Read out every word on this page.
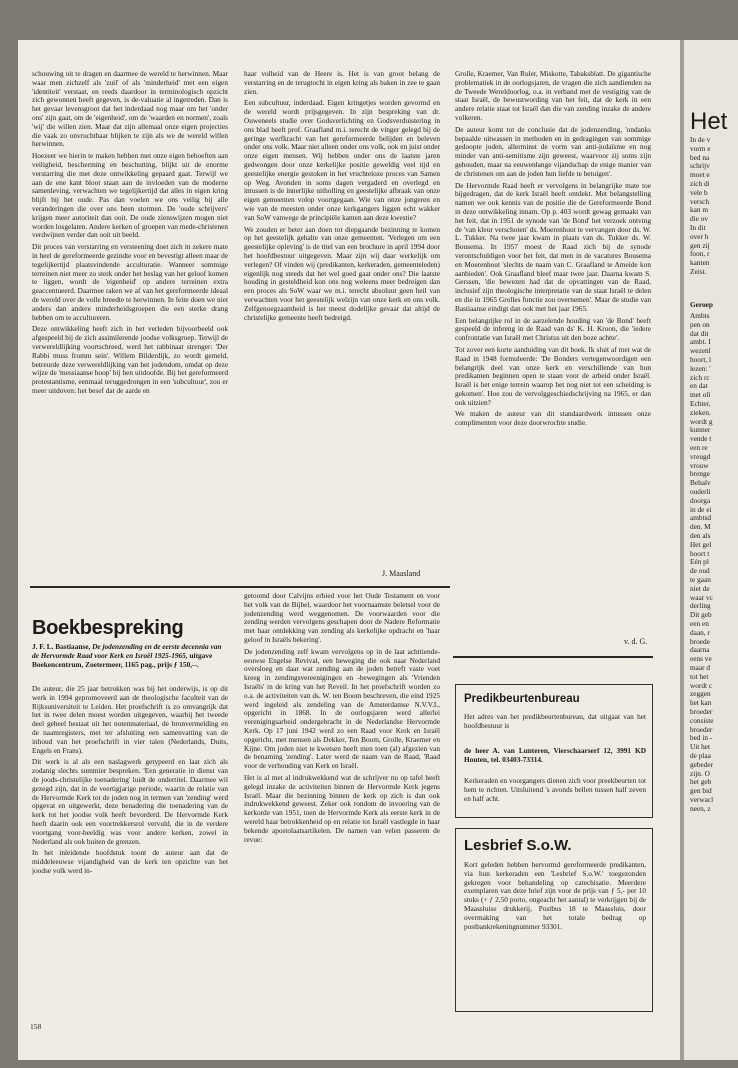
schouwing uit te dragen en daarmee de wereld te herwinnen. Maar waar men zichzelf als 'zuil' of als 'minderheid' met een eigen 'identiteit' verstaat, en reeds daardoor in terminologisch opzicht zich gewonnen heeft gegeven, is de-valuatie al ingetreden. Dan is het gevaar levensgroot dat het inderdaad nog maar om het 'onder ons' zijn gaat, om de 'eigenheid', om de 'waarden en normen', zoals 'wij' die willen zien. Maar dat zijn allemaal onze eigen projecties die vaak zo onvruchtbaar blijken te zijn als we de wereld willen herwinnen.

Hoezeer we hierin te maken hebben met onze eigen behoeften aan veiligheid, bescherming en beschutting, blijkt uit de enorme verstarring die met deze ontwikkeling gepaard gaat. Terwijl we aan de ene kant bloot staan aan de invloeden van de moderne samenleving, verwachten we tegelijkertijd dat alles in eigen kring blijft bij het oude. Pas dan voelen we ons veilig bij alle veranderingen die over ons heen stormen. De 'oude schrijvers' krijgen meer autoriteit dan ooit. De oude zienswijzen mogen niet worden losgelaten. Andere kerken of groepen van mede-christenen verdwijnen verder dan ooit uit beeld.

Dit proces van verstarring en versteening doet zich in zekere mate in heel de gereformeerde gezindte voor en bevestigt alleen maar de tegelijkertijd plaatsvindende acculturatie. Wanneer sommige terreinen niet meer zo sterk onder het beslag van het geloof komen te liggen, wordt de 'eigenheid' op andere terreinen extra geaccentueerd. Daarmee raken we af van het gereformeerde ideaal de wereld over de volle breedte te herwinnen. In feite doen we niet anders dan andere minderheidsgroepen die een sterke drang hebben om te accultureren.

Deze ontwikkeling heeft zich in het verleden bijvoorbeeld ook afgespeeld bij de zich assimilerende joodse volksgroep. Terwijl de verwereldlijking voortschreed, werd het rabbinaat strenger: 'Der Rabbi muss fromm sein'. Willem Bilderdijk, zo wordt gemeld, betreurde deze verwereldlijking van het jodendom, omdat op deze wijze de 'messiaanse hoop' bij hen uitdoofde. Bij het gereformeerd protestantisme, eenmaal teruggedrongen in een 'subcultuur', zou er meer uitdoven: het besef dat de aarde en

haar volheid van de Heere is. Het is van groot belang de verstarring en de terugtocht in eigen kring als baken in zee te gaan zien.

Een subcultuur, inderdaad. Eigen kringetjes worden gevormd en de wereld wordt prijsgegeven. In zijn bespreking van dr. Ouweneels studie over Godsverlichting en Godsverduistering in ons blad heeft prof. Graafland m.i. terecht de vinger gelegd bij de geringe werfkracht van het gereformeerde belijden en beleven onder ons volk. Maar niet alleen onder ons volk, ook en juist onder onze eigen mensen. Wij hebben onder ons de laatste jaren gedwongen door onze kerkelijke positie geweldig veel tijd en geestelijke energie gestoken in het vruchteloze proces van Samen op Weg. Avonden in soms dagen vergaderd en overlegd en intussen is de innerlijke uitholling en geestelijke afbraak van onze eigen gemeenten volop voortgegaan. Wie van onze jongeren en wie van de meesten onder onze kerkgangers liggen echt wakker van SoW vanwege de principiële kanten aan deze kwestie?

We zouden er beter aan doen tot diepgaande bezinning te komen op het geestelijk gehalte van onze gemeenten. 'Verlegen om een geestelijke opleving' is de titel van een brochure in april 1994 door het hoofdbestuur uitgegeven. Maar zijn wij daar werkelijk om verlegen? Of vinden wij (predikanten, kerkeraden, gemeenteleden) eigenlijk nog steeds dat het wel goed gaat onder ons? Die laatste houding in gesteldheid kon ons nog weleens meer bedreigen dan een proces als SoW waar we m.i. terecht absoluut geen heil van verwachten voor het geestelijk welzijn van onze kerk en ons volk. Zelfgenoegzaamheid is het meest dodelijke gevaar dat altijd de christelijke gemeente heeft bedreigd.

J. Maasland

Grolle, Kraemer, Van Ruler, Miskotte, Tabaksblatt. De gigantische problematiek in de oorlogsjaren, de vragen die zich aandienden na de Tweede Wereldoorlog, o.a. in verband met de vestiging van de staat Israël, de bewustwording van het feit, dat de kerk in een andere relatie staat tot Israël dan die van zending inzake de andere volkeren.

De auteur komt tot de conclusie dat de jodenzending, 'ondanks bepaalde uitwassen in methoden en in gedragingen van sommige gedoopte joden, allerminst de vorm van anti-judaïsme en nog minder van anti-semitisme zijn geweest, waarvoor zij soms zijn gehouden, maar na eeuwenlange vijandschap de enige manier van de christenen om aan de joden hun liefde te betuigen'.

De Hervormde Raad heeft er vervolgens in belangrijke mate toe bijgedragen, dat de kerk Israël heeft ontdekt. Met belangstelling namen we ook kennis van de positie die de Gereformeerde Bond in deze ontwikkeling innam. Op p. 403 wordt gewag gemaakt van het feit, dat in 1951 de synode van 'de Bond' het verzoek ontving de 'van kleur verschoten' ds. Moerenhout te vervangen door ds. W. L. Tukker. Na twee jaar kwam in plaats van ds. Tukker ds. W. Bousema. In 1957 moest de Raad zich bij de synode verontschuldigen voor het feit, dat men in de vacatures Bousema en Moerenhout 'slechts de naam van C. Graafland te Ameide kon aanbieden'. Ook Graafland bleef maar twee jaar. Daarna kwam S. Gerssen, 'die bewezen had dat de opvattingen van de Raad, inclusief zijn theologische interpretatie van de staat Israël te delen en die in 1965 Grolles functie zou overnemen'. Maar de studie van Bastiaanse eindigt dan ook met het jaar 1965.

Een belangrijke rol in de aarzelende houding van 'de Bond' heeft gespeeld de inbreng in de Raad van ds' K. H. Kroon, die 'iedere confrontatie van Israël met Christus uit den boze achtte'.

Tot zover een korte aanduiding van dit boek. Ik sluit af met wat de Raad in 1948 formuleerde: 'De Bonders vertegenwoordigen een belangrijk deel van onze kerk en verschillende van hun predikanten beginnen open te staan voor de arbeid onder Israël. Israël is het enige terrein waarop het nog niet tot een scheiding is gekomen'. Hoe zou de vervolggeschiedschrijving na 1965, er dan ook uitzien?

We maken de auteur van dit standaardwerk intussen onze complimenten voor deze doorwrochte studie.

v. d. G.
Boekbespreking
J. F. L. Bastiaanse, De jodenzending en de eerste decennia van de Hervormde Raad voor Kerk en Israël 1925-1965, uitgave Boekencentrum, Zoetermeer, 1165 pag., prijs ƒ 150,--.

De auteur, die 25 jaar betrokken was bij het onderwijs, is op dit werk in 1994 gepromoveerd aan de theologische faculteit van de Rijksuniversiteit te Leiden. Het proefschrift is zo omvangrijk dat het in twee delen moest worden uitgegeven, waarbij het tweede deel geheel bestaat uit het notenmateriaal, de bronvermelding en de naamregisters, met ter afsluiting een samenvatting van de inhoud van het proefschrift in vier talen (Nederlands, Duits, Engels en Frans).

Dit werk is al als een naslagwerk getypeerd en laat zich als zodanig slechts summier bespreken. 'Een generatie in dienst van de joods-christelijke toenadering' luidt de ondertitel. Daarmee wil gezegd zijn, dat in de veertigjarige periode, waarin de relatie van de Hervormde Kerk tot de joden nog in termen van 'zending' werd opgevat en uitgewerkt, deze benadering die toenadering van de kerk tot het joodse volk heeft bevorderd. De Hervormde Kerk heeft daarin ook een voortrekkersrol vervuld, die in de verdere voortgang voor-beeldig was voor andere kerken, zowel in Nederland als ook buiten de grenzen.

In het inleidende hoofdstuk toont de auteur aan dat de middeleeuwse vijandigheid van de kerk ten opzichte van het joodse volk werd in-

getoomd door Calvijns erbied voor het Oude Testament en voor het volk van de Bijbel, waardoor het voornaamste beletsel voor de jodenzending werd weggenomen. De voorwaarden voor die zending werden vervolgens geschapen door de Nadere Reformatie met haar ontdekking van zending als kerkelijke opdracht en 'haar geloof in Israëls bekering'.

De jodenzending zelf kwam vervolgens op in de laat achttiende-eeuwse Engelse Revival, een beweging die ook naar Nederland oversloeg en daar wat zending aan de joden betreft vaste voet kreeg in zendingsvereenigingen en -bewegingen als 'Vrienden Israëls' in de kring van het Reveil. In het proefschrift worden zo o.a. de activiteiten van ds. W. ten Boom beschreven, die eind 1925 werd ingeleid als zendeling van de Amsterdamse N.V.V.I., opgericht in 1868. In de oorlogsjaren werd allerlei verenigingsarbeid ondergebracht in de Nederlandse Hervormde Kerk. Op 17 juni 1942 werd zo een Raad voor Kerk en Israël opgericht, met mensen als Dekker, Ten Boom, Grolle, Kraemer en Kijne. Om joden niet te kwetsen heeft men toen (al) afgezien van de benaming 'zending'. Later werd de naam van de Raad, 'Raad voor de verhouding van Kerk en Israël.

Het is al met al indrukwekkend wat de schrijver nu op tafel heeft gelegd inzake de activiteiten binnen de Hervormde Kerk jegens Israël. Maar die bezinning binnen de kerk op zich is dan ook indrukwekkend geweest. Zeker ook rondom de invoering van de kerkorde van 1951, toen de Hervormde Kerk als eerste kerk in de wereld haar betrokkenheid op en relatie tot Israël vastlegde in haar bekende apostolaatsartikelen. De namen van velen passeren de revue:

Predikbeurtenbureau
Het adres van het predikbeurtenbureau, dat uitgaat van het hoofdbestuur is
de heer A. van Lunteren, Vierschaarserf 12, 3991 KD Houten, tel. 03403-73314.
Kerkeraden en voorgangers dienen zich voor preekbeurten tot hem te richten. Uitsluitend 's avonds bellen tussen half zeven en half acht.
Lesbrief S.o.W.
Kort geleden hebben hervormd gereformeerde predikanten, via hun kerkeraden een 'Lesbrief S.o.W.' toegezonden gekregen voor behandeling op catechisatie. Meerdere exemplaren van deze brief zijn voor de prijs van ƒ 5,- per 10 stuks (+ ƒ 2,50 porto, ongeacht het aantal) te verkrijgen bij de Maassluise drukkerij, Postbus 18 te Maassluis, door overmaking van het totale bedrag op postbankrekeningnummer 93301.
158
Het
In de v
vorm e
bed na
schrijv
moet e
zich di
vele b
versch
kan m
die ov
In dit
over h
gen zij
foon, r
kanten
Zeist.
Geroep
Ambts
pen on
dat dit
ambt. I
wezenl
hoort, l
lezen: '
zich rc
en dat
met oli
Echter,
zieken.
wordt g
kunner
vende t
een re
vreugd
vrouw
brenge
Behalv
ouderli
doorga
in de ei
ambtsd
den. M
den als
Het gel
hoort t
Eén pl
de oud
te gaan
niet de
waar vc
derling
Dit geb
een en
daan, r
broede
daarna
eens ve
maar d
tot het
wordt c
zeggen
het kan
broeder
consiste
broeder
bed in -
Uit het
de plaa
gebeder
zijn. O
het geb
gen bid
verwacl
neen, z
